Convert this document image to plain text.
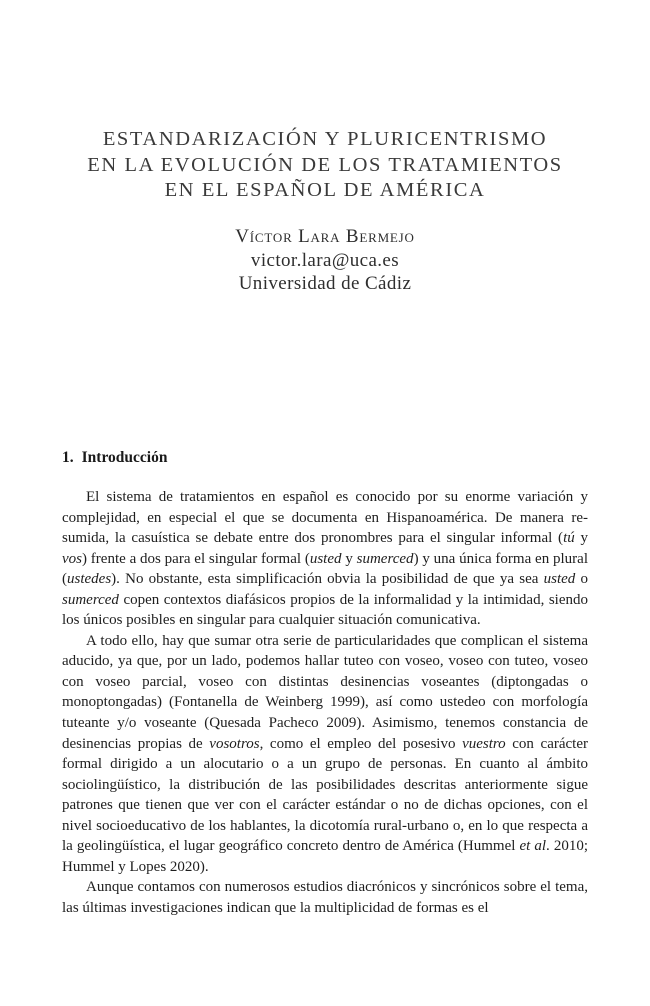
ESTANDARIZACIÓN Y PLURICENTRISMO
EN LA EVOLUCIÓN DE LOS TRATAMIENTOS
EN EL ESPAÑOL DE AMÉRICA
Víctor Lara Bermejo
victor.lara@uca.es
Universidad de Cádiz
1. Introducción

El sistema de tratamientos en español es conocido por su enorme variación y complejidad, en especial el que se documenta en Hispanoamérica. De manera resumida, la casuística se debate entre dos pronombres para el singular informal (tú y vos) frente a dos para el singular formal (usted y sumerced) y una única forma en plural (ustedes). No obstante, esta simplificación obvia la posibilidad de que ya sea usted o sumerced copen contextos diafásicos propios de la informalidad y la intimidad, siendo los únicos posibles en singular para cualquier situación comunicativa.

A todo ello, hay que sumar otra serie de particularidades que complican el sistema aducido, ya que, por un lado, podemos hallar tuteo con voseo, voseo con tuteo, voseo con voseo parcial, voseo con distintas desinencias voseantes (diptongadas o monoptongadas) (Fontanella de Weinberg 1999), así como ustedeo con morfología tuteante y/o voseante (Quesada Pacheco 2009). Asimismo, tenemos constancia de desinencias propias de vosotros, como el empleo del posesivo vuestro con carácter formal dirigido a un alocutario o a un grupo de personas. En cuanto al ámbito sociolingüístico, la distribución de las posibilidades descritas anteriormente sigue patrones que tienen que ver con el carácter estándar o no de dichas opciones, con el nivel socioeducativo de los hablantes, la dicotomía rural-urbano o, en lo que respecta a la geolingüística, el lugar geográfico concreto dentro de América (Hummel et al. 2010; Hummel y Lopes 2020).

Aunque contamos con numerosos estudios diacrónicos y sincrónicos sobre el tema, las últimas investigaciones indican que la multiplicidad de formas es el
